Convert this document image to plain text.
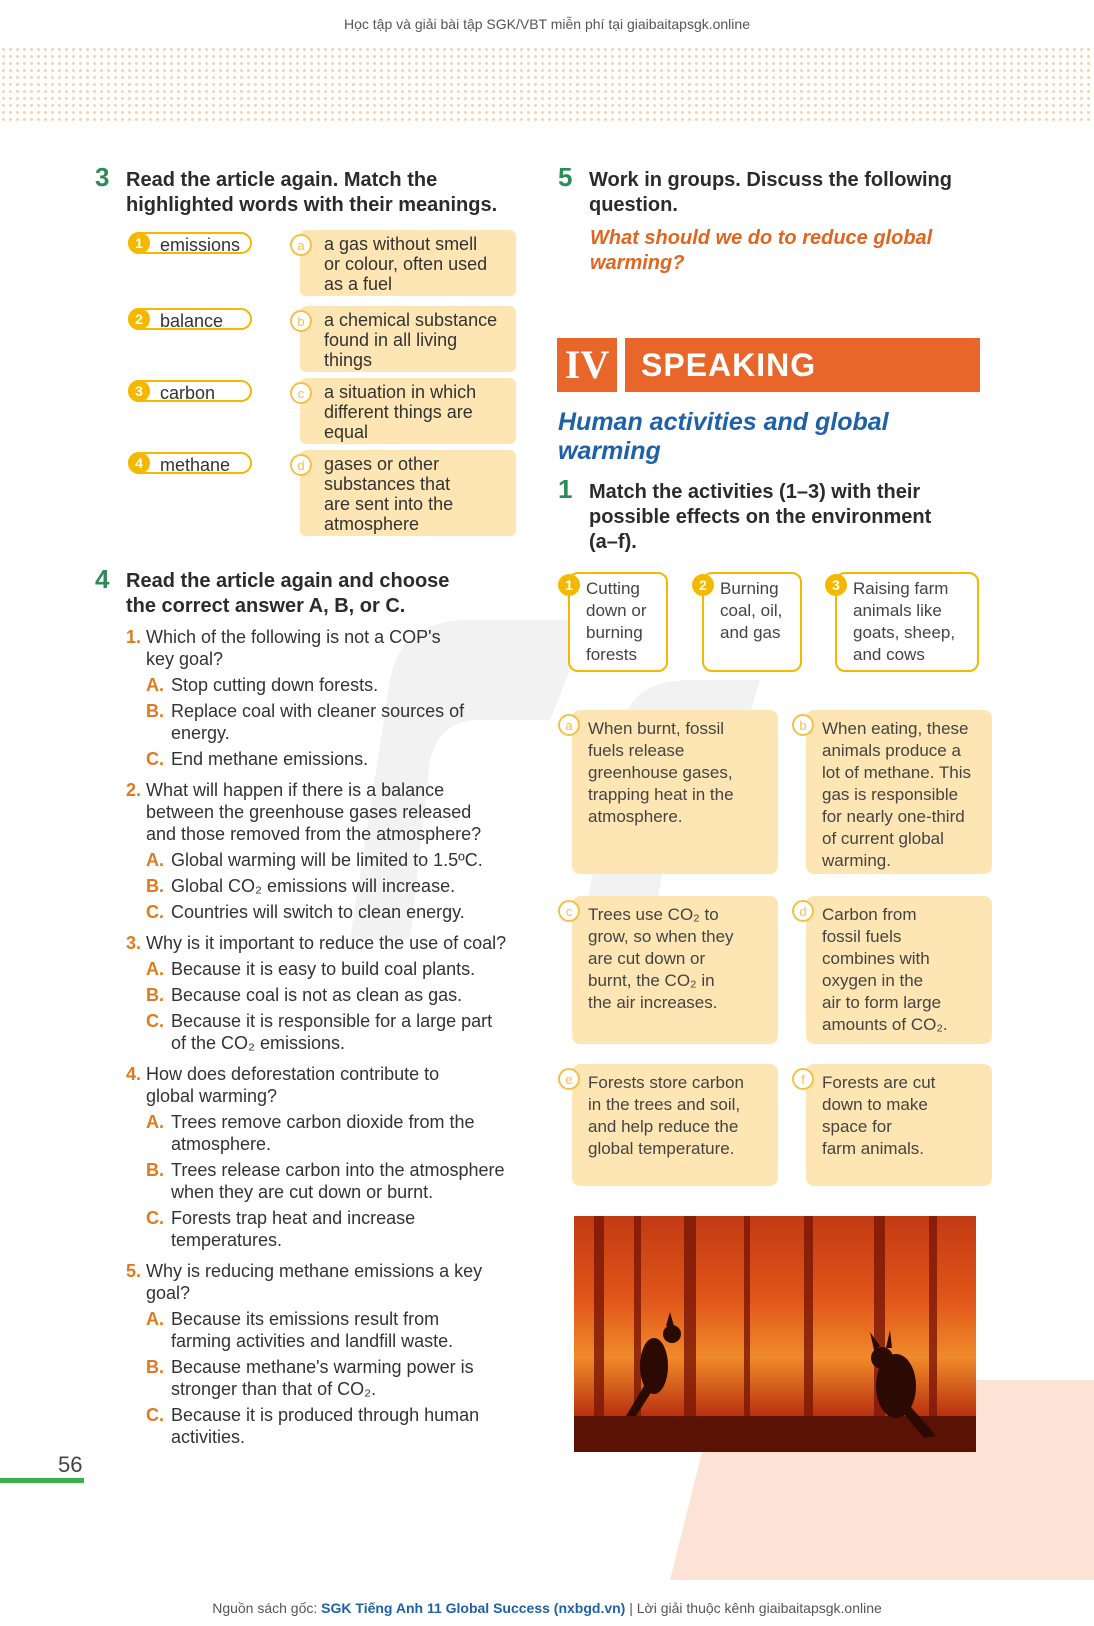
Học tập và giải bài tập SGK/VBT miễn phí tại giaibaitapsgk.online
3 Read the article again. Match the
highlighted words with their meanings.
emissions
1
balance
2
carbon
3
methane
4
a gas without smell
or colour, often used
as a fuel
a
a chemical substance
found in all living
things
b
a situation in which
different things are
equal
c
gases or other
substances that
are sent into the
atmosphere
d
4 Read the article again and choose
the correct answer A, B, or C.
1. Which of the following is not a COP's
key goal?
A. Stop cutting down forests.
B. Replace coal with cleaner sources of
energy.
C. End methane emissions.
2. What will happen if there is a balance
between the greenhouse gases released
and those removed from the atmosphere?
A. Global warming will be limited to 1.5ºC.
B. Global CO₂ emissions will increase.
C. Countries will switch to clean energy.
3. Why is it important to reduce the use of coal?
A. Because it is easy to build coal plants.
B. Because coal is not as clean as gas.
C. Because it is responsible for a large part
of the CO₂ emissions.
4. How does deforestation contribute to
global warming?
A. Trees remove carbon dioxide from the
atmosphere.
B. Trees release carbon into the atmosphere
when they are cut down or burnt.
C. Forests trap heat and increase
temperatures.
5. Why is reducing methane emissions a key
goal?
A. Because its emissions result from
farming activities and landfill waste.
B. Because methane's warming power is
stronger than that of CO₂.
C. Because it is produced through human
activities.
5 Work in groups. Discuss the following
question.
What should we do to reduce global
warming?
IV SPEAKING
Human activities and global
warming
1 Match the activities (1–3) with their
possible effects on the environment
(a–f).
Cutting
down or
burning
forests
1	Burning
coal, oil,
and gas
2	Raising farm
animals like
goats, sheep,
and cows
3
When burnt, fossil
fuels release
greenhouse gases,
trapping heat in the
atmosphere.
a	When eating, these
animals produce a
lot of methane. This
gas is responsible
for nearly one-third
of current global
warming.
b
Trees use CO₂ to
grow, so when they
are cut down or
burnt, the CO₂ in
the air increases.
c	Carbon from
fossil fuels
combines with
oxygen in the
air to form large
amounts of CO₂.
d
Forests store carbon
in the trees and soil,
and help reduce the
global temperature.
e	Forests are cut
down to make
space for
farm animals.
f
56
Nguồn sách gốc: SGK Tiếng Anh 11 Global Success (nxbgd.vn) | Lời giải thuộc kênh giaibaitapsgk.online
